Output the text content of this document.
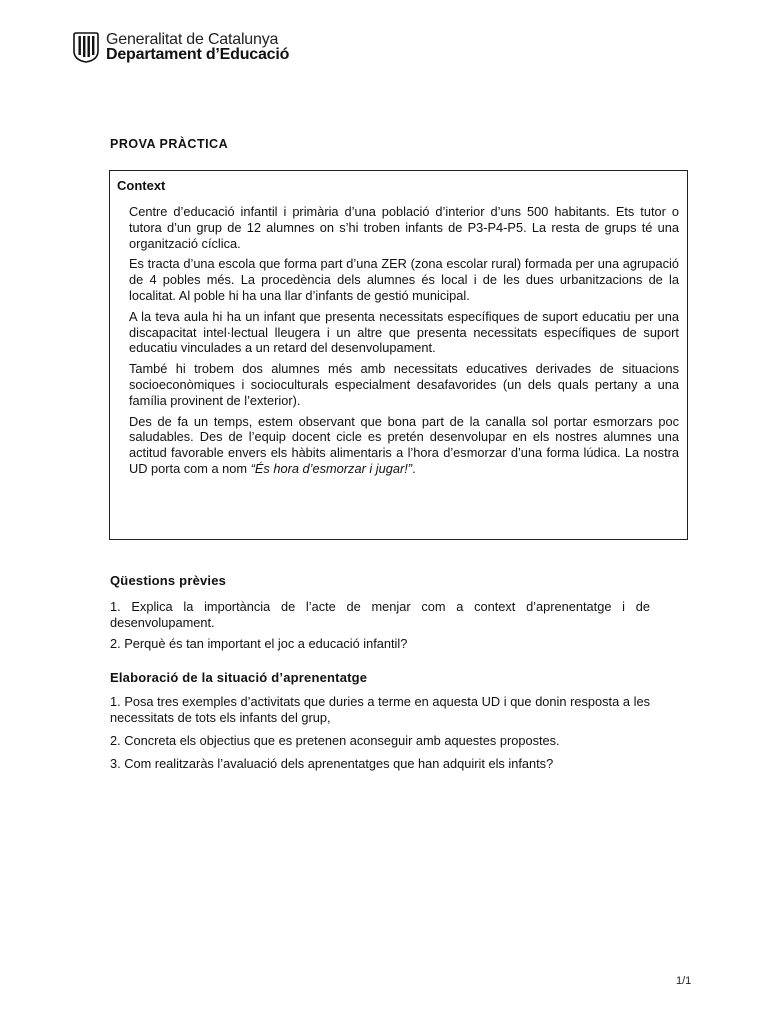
Generalitat de Catalunya
Departament d’Educació
PROVA PRÀCTICA
Context

Centre d’educació infantil i primària d’una població d’interior d’uns 500 habitants. Ets tutor o tutora d’un grup de 12 alumnes on s’hi troben infants de P3-P4-P5. La resta de grups té una organització cíclica.

Es tracta d’una escola que forma part d’una ZER (zona escolar rural) formada per una agrupació de 4 pobles més. La procedència dels alumnes és local i de les dues urbanitzacions de la localitat. Al poble hi ha una llar d’infants de gestió municipal.

A la teva aula hi ha un infant que presenta necessitats específiques de suport educatiu per una discapacitat intel·lectual lleugera i un altre que presenta necessitats específiques de suport educatiu vinculades a un retard del desenvolupament.

També hi trobem dos alumnes més amb necessitats educatives derivades de situacions socioeconòmiques i socioculturals especialment desafavorides (un dels quals pertany a una família provinent de l’exterior).

Des de fa un temps, estem observant que bona part de la canalla sol portar esmorzars poc saludables. Des de l’equip docent cicle es pretén desenvolupar en els nostres alumnes una actitud favorable envers els hàbits alimentaris a l’hora d’esmorzar d’una forma lúdica. La nostra UD porta com a nom “És hora d’esmorzar i jugar!”.

Qüestions prèvies
1. Explica la importància de l’acte de menjar com a context d’aprenentatge i de desenvolupament.
2. Perquè és tan important el joc a educació infantil?
Elaboració de la situació d’aprenentatge
1. Posa tres exemples d’activitats que duries a terme en aquesta UD i que donin resposta a les necessitats de tots els infants del grup,
2. Concreta els objectius que es pretenen aconseguir amb aquestes propostes.
3. Com realitzaràs l’avaluació dels aprenentatges que han adquirit els infants?
1/1
